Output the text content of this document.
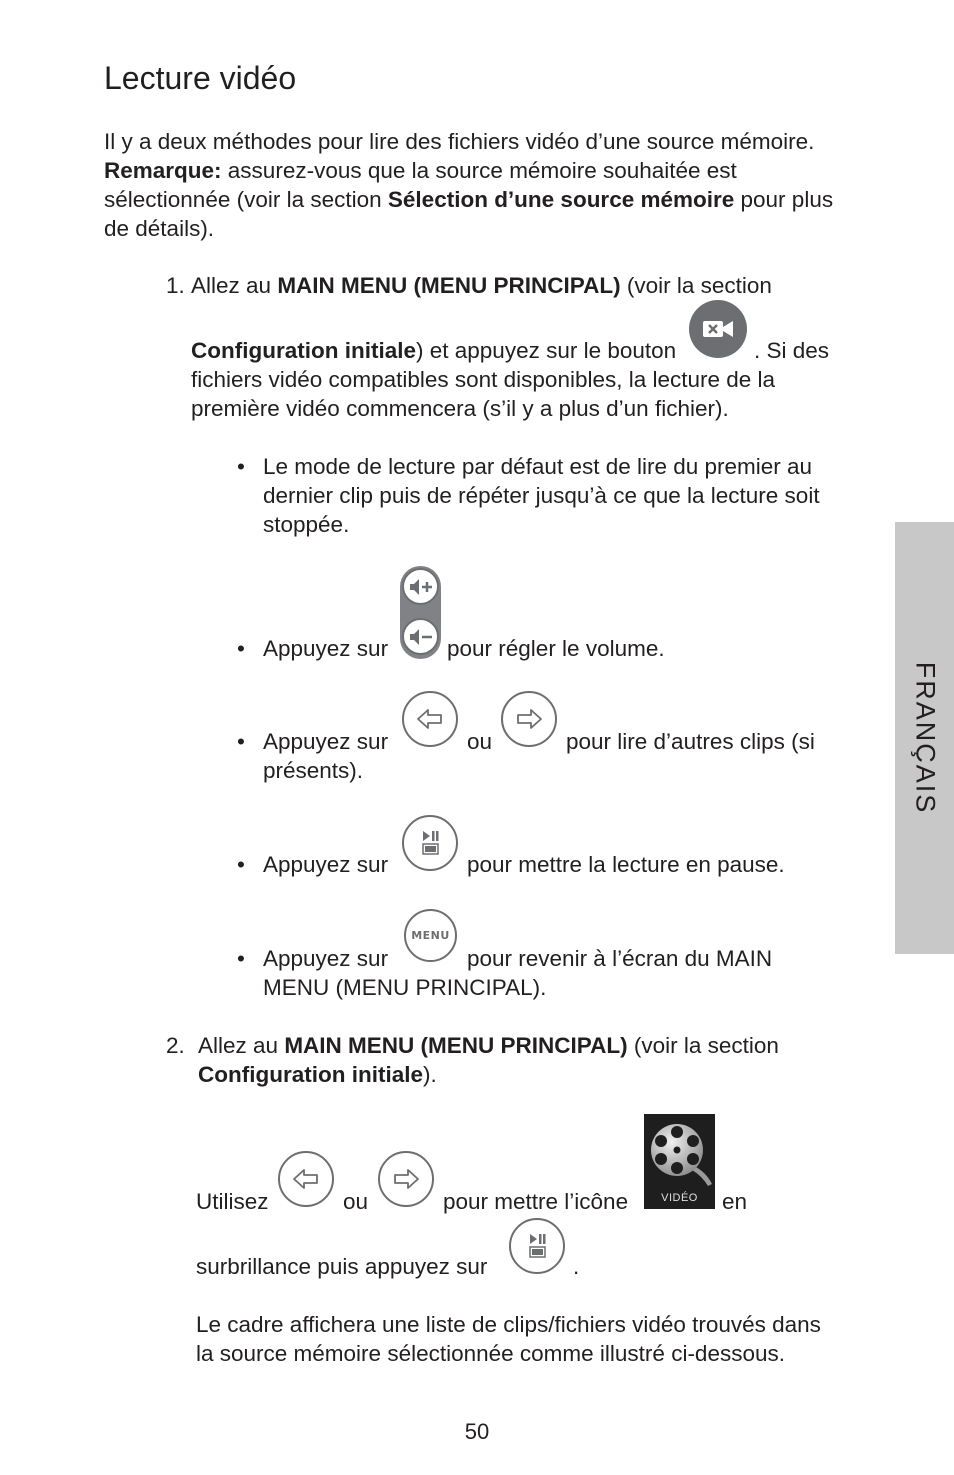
Lecture vidéo

Il y a deux méthodes pour lire des fichiers vidéo d’une source mémoire. Remarque: assurez-vous que la source mémoire souhaitée est sélectionnée (voir la section Sélection d’une source mémoire pour plus de détails).

1. Allez au MAIN MENU (MENU PRINCIPAL) (voir la section
Configuration initiale) et appuyez sur le bouton	. Si des
fichiers vidéo compatibles sont disponibles, la lecture de la
première vidéo commencera (s’il y a plus d’un fichier).
• Le mode de lecture par défaut est de lire du premier au
dernier clip puis de répéter jusqu’à ce que la lecture soit
stoppée.
• Appuyez sur	pour régler le volume.
• Appuyez sur	ou	pour lire d’autres clips (si
présents).
• Appuyez sur	pour mettre la lecture en pause.
• Appuyez sur
MENU
pour revenir à l’écran du MAIN
MENU (MENU PRINCIPAL).
2. Allez au MAIN MENU (MENU PRINCIPAL) (voir la section
Configuration initiale).
Utilisez	ou	pour mettre l’icône	VIDÉO	en
surbrillance puis appuyez sur	.
Le cadre affichera une liste de clips/fichiers vidéo trouvés dans
la source mémoire sélectionnée comme illustré ci-dessous.
FRANÇAIS
50
